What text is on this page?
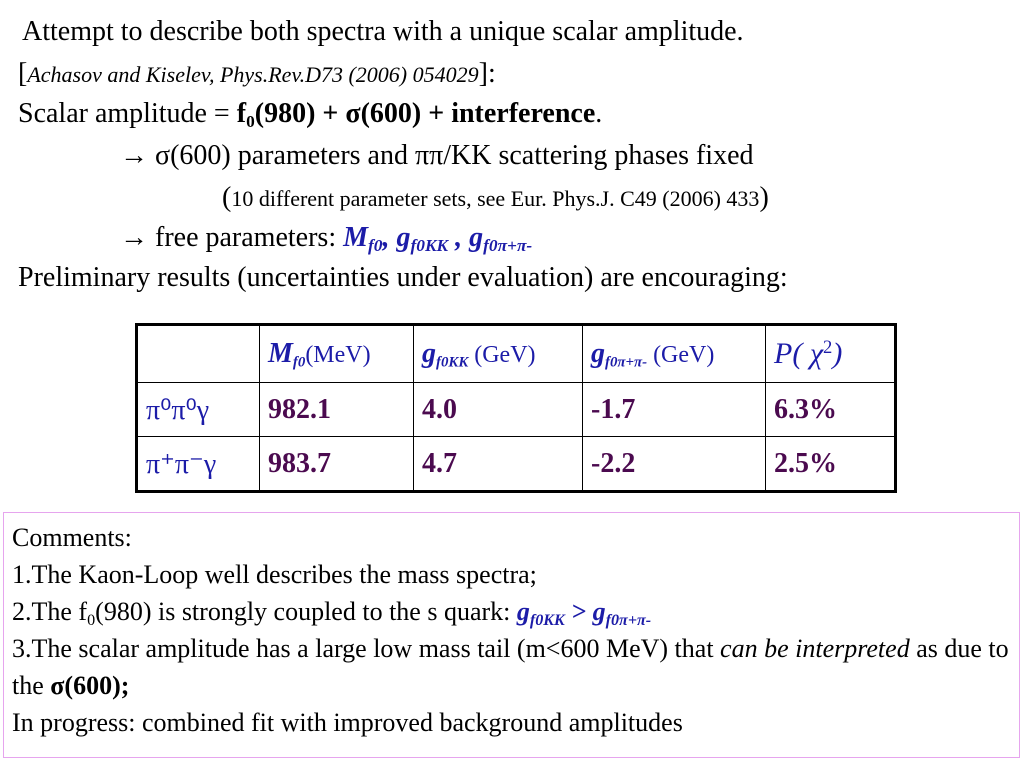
Attempt to describe both spectra with a unique scalar amplitude.
[Achasov and Kiselev, Phys.Rev.D73 (2006) 054029]:
Scalar amplitude = $f_0(980) + \sigma(600)$ + interference.
→ σ(600) parameters and ππ/KK scattering phases fixed
(10 different parameter sets, see Eur. Phys.J. C49 (2006) 433)
→ free parameters: $M_{f0}$, $g_{f0KK}$ , $g_{f0\pi+\pi-}$
Preliminary results (uncertainties under evaluation) are encouraging:
	$M_{f0}(MeV)$	$g_{f0KK}$ (GeV)	$g_{f0\pi+\pi-}$ (GeV)	P( $\chi^2$)
π⁰π⁰γ	982.1	4.0	-1.7	6.3%
π⁺π⁻γ	983.7	4.7	-2.2	2.5%
Comments:
1.The Kaon-Loop well describes the mass spectra;
2.The $f_0(980)$ is strongly coupled to the s quark: $g_{f0KK} > g_{f0\pi+\pi-}$
3.The scalar amplitude has a large low mass tail (m<600 MeV) that can be interpreted as due to the σ(600);
In progress: combined fit with improved background amplitudes
